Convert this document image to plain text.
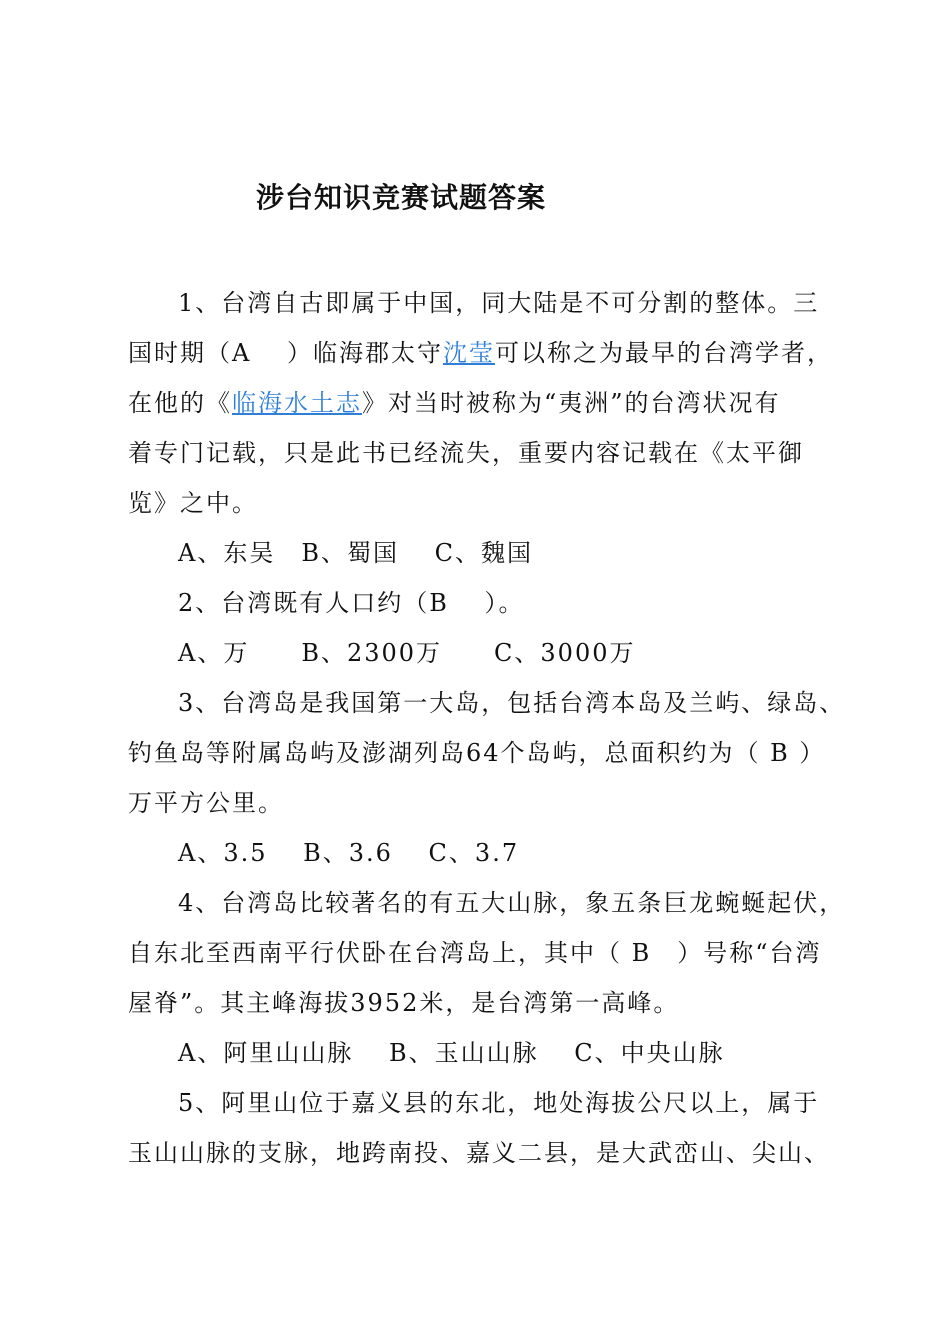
涉台知识竞赛试题答案
1、台湾自古即属于中国，同大陆是不可分割的整体。三
国时期（A　 ）临海郡太守沈莹可以称之为最早的台湾学者，
在他的《临海水土志》对当时被称为“夷洲”的台湾状况有
着专门记载，只是此书已经流失，重要内容记载在《太平御
览》之中。
A、东吴　B、蜀国　 C、魏国
2、台湾既有人口约（B　 ）。
A、万　　B、2300万　　C、3000万
3、台湾岛是我国第一大岛，包括台湾本岛及兰屿、绿岛、
钓鱼岛等附属岛屿及澎湖列岛64个岛屿，总面积约为（ B ）
万平方公里。
A、3.5　 B、3.6　 C、3.7
4、台湾岛比较著名的有五大山脉，象五条巨龙蜿蜒起伏，
自东北至西南平行伏卧在台湾岛上，其中（ B　）号称“台湾
屋脊”。其主峰海拔3952米，是台湾第一高峰。
A、阿里山山脉　 B、玉山山脉　 C、中央山脉
5、阿里山位于嘉义县的东北，地处海拔公尺以上，属于
玉山山脉的支脉，地跨南投、嘉义二县，是大武峦山、尖山、
